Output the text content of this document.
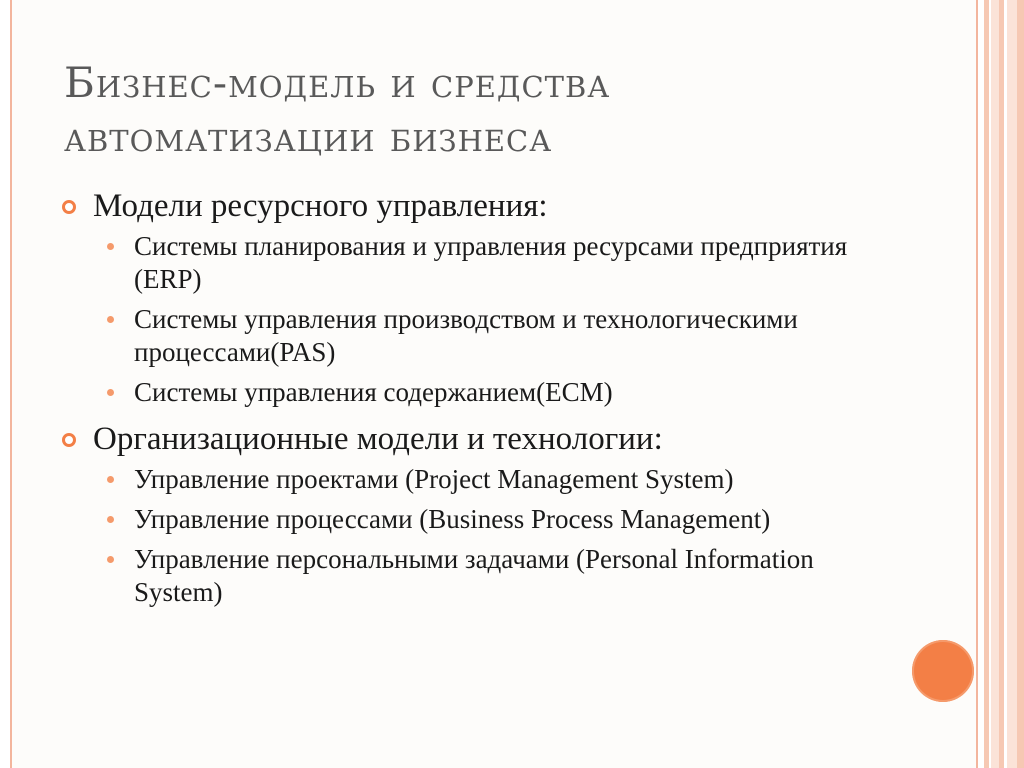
Бизнес-модель и средства
автоматизации бизнеса
Модели ресурсного управления:
Системы планирования и управления ресурсами предприятия (ERP)
Системы управления производством и технологическими процессами(PAS)
Системы управления содержанием(ECM)
Организационные модели и технологии:
Управление проектами (Project Management System)
Управление процессами (Business Process Management)
Управление персональными задачами (Personal Information System)
